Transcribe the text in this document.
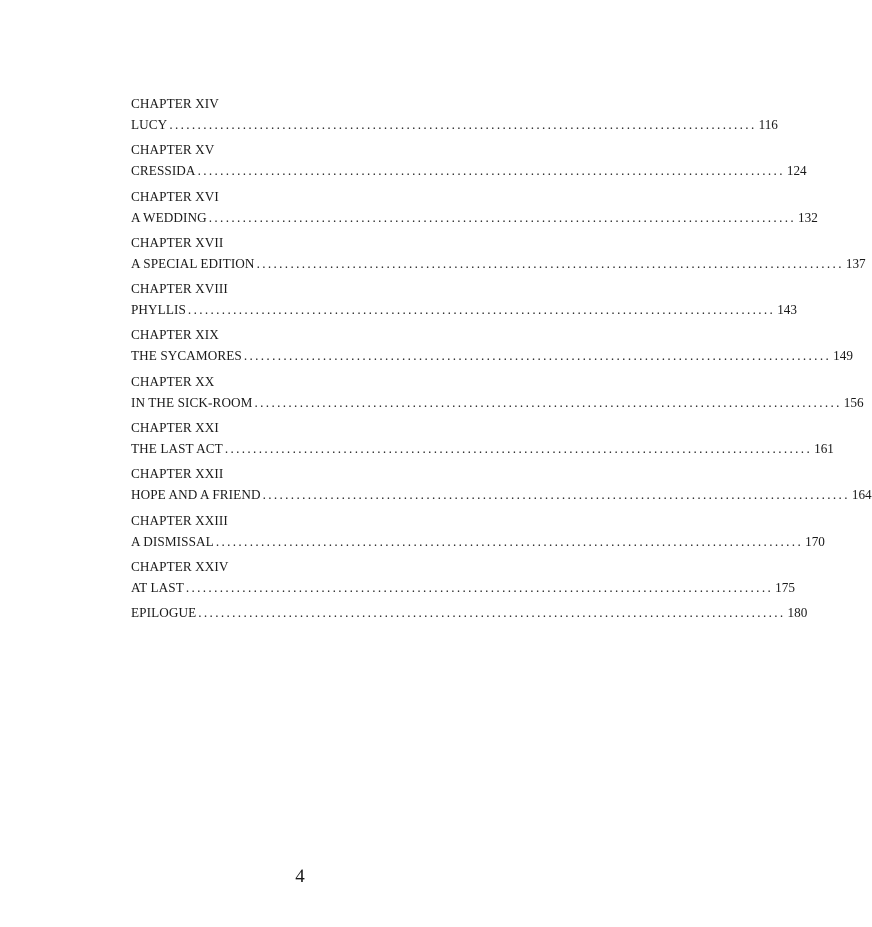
CHAPTER XIV
LUCY ........................................................................................................ 116
CHAPTER XV
CRESSIDA ........................................................................................................ 124
CHAPTER XVI
A WEDDING ........................................................................................................ 132
CHAPTER XVII
A SPECIAL EDITION ........................................................................................................ 137
CHAPTER XVIII
PHYLLIS ........................................................................................................ 143
CHAPTER XIX
THE SYCAMORES ........................................................................................................ 149
CHAPTER XX
IN THE SICK-ROOM ........................................................................................................ 156
CHAPTER XXI
THE LAST ACT ........................................................................................................ 161
CHAPTER XXII
HOPE AND A FRIEND ........................................................................................................ 164
CHAPTER XXIII
A DISMISSAL ........................................................................................................ 170
CHAPTER XXIV
AT LAST ........................................................................................................ 175
EPILOGUE ........................................................................................................ 180
4
